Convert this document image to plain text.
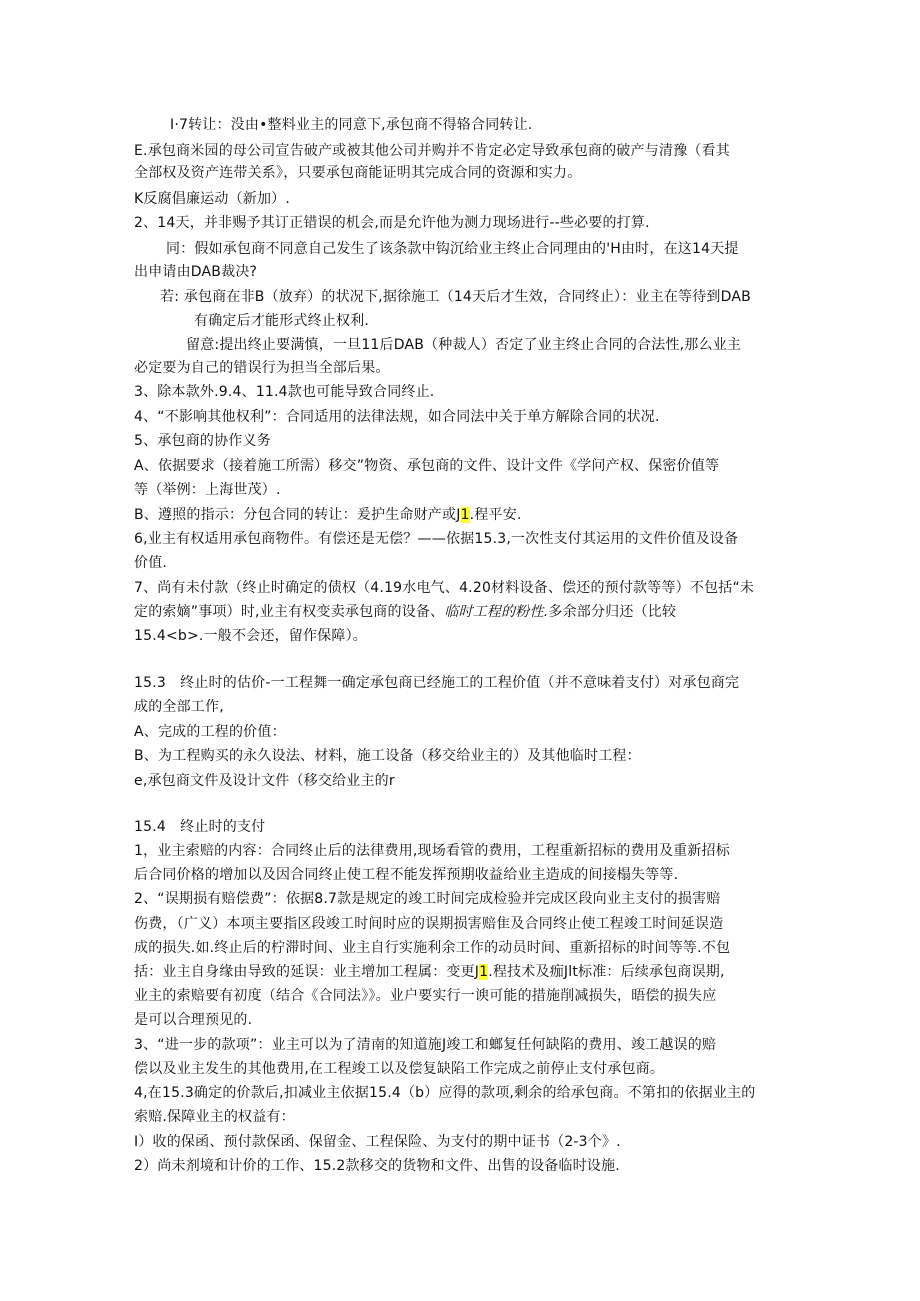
I·7转让：没由•整料业主的同意下,承包商不得辂合同转让.
E.承包商米园的母公司宣告破产或被其他公司并购并不肯定必定导致承包商的破产与清豫（看其
全部权及资产连带关系》，只要承包商能证明其完成合同的资源和实力。
K反腐倡廉运动（新加）.
2、14天，并非赐予其订正错误的机会,而是允许他为测力现场进行--些必要的打算.
同：假如承包商不同意自己发生了该条款中钩沉给业主终止合同理由的'H由时，在这14天提
出申请由DAB裁决?
若: 承包商在非B（放弃）的状况下,据徐施工（14天后才生效，合同终止）：业主在等待到DAB
有确定后才能形式终止权利.
留意:提出终止要满慎，一旦11后DAB（种裁人）否定了业主终止合同的合法性,那么业主
必定要为自己的错误行为担当全部后果。
3、除本款外.9.4、11.4款也可能导致合同终止.
4、“不影响其他权利”：合同适用的法律法规，如合同法中关于单方解除合同的状况.
5、承包商的协作义务
A、依据要求（接着施工所需）移交”物资、承包商的文件、设计文件《学问产权、保密价值等
等（举例：上海世茂）.
B、遵照的指示：分包合同的转让：爰护生命财产或J1.程平安.
6,业主有权适用承包商物件。有偿还是无偿？——依据15.3,一次性支付其运用的文件价值及设备
价值.
7、尚有未付款（终止时确定的债权（4.19水电气、4.20材料设备、偿还的预付款等等）不包括“未
定的索嫡”事项）时,业主有权变卖承包商的设备、临时工程的粉性.多余部分归还（比较
15.4<b>.一般不会还，留作保障）。
15.3　终止时的估价-一工程舞一确定承包商已经施工的工程价值（并不意味着支付）对承包商完
成的全部工作,
A、完成的工程的价值：
B、为工程购买的永久设法、材料，施工设备（移交给业主的）及其他临时工程：
e,承包商文件及设计文件（移交给业主的r
15.4　终止时的支付
1，业主索赔的内容：合同终止后的法律费用,现场看管的费用，工程重新招标的费用及重新招标
后合同价格的增加以及因合同终止使工程不能发挥预期收益给业主造成的间接榻失等等.
2、“误期损有赔偿费”：依据8.7款是规定的竣工时间完成检验并完成区段向业主支付的损害赔
伤费，（广义）本项主要指区段竣工时间时应的误期损害赔隹及合同终止使工程竣工时间延误造
成的损失.如.终止后的柠滞时间、业主自行实施利余工作的动员时间、重新招标的时间等等.不包
括：业主自身缘由导致的延误：业主增加工程属：变更J1.程技术及痂Jlt标准：后续承包商误期,
业主的索赔要有初度（结合《合同法》》。业户要实行一谀可能的措施削减损失，晤偿的损失应
是可以合理预见的.
3、“进一步的款项”：业主可以为了清南的知道施J竣工和螂复任何缺陷的费用、竣工越误的赔
偿以及业主发生的其他费用,在工程竣工以及偿复缺陷工作完成之前停止支付承包商。
4,在15.3确定的价款后,扣减业主依据15.4（b）应得的款项,剩余的给承包商。不第扣的依据业主的
索赔.保障业主的权益有：
I）收的保函、预付款保函、保留金、工程保险、为支付的期中证书（2-3个》.
2）尚未剂境和计价的工作、15.2款移交的货物和文件、出售的设备临时设施.
